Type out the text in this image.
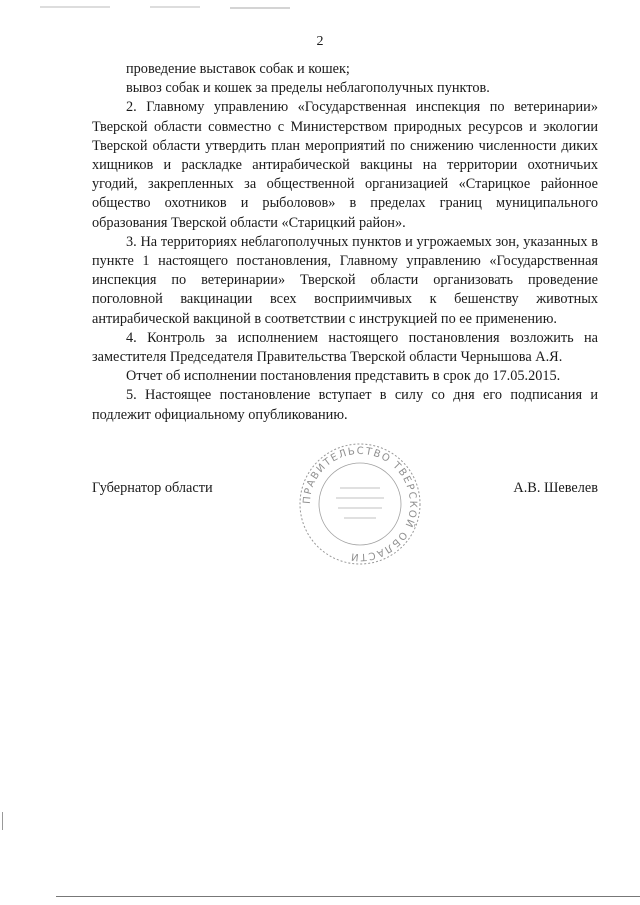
2

проведение выставок собак и кошек;

вывоз собак и кошек за пределы неблагополучных пунктов.

2. Главному управлению «Государственная инспекция по ветеринарии» Тверской области совместно с Министерством природных ресурсов и экологии Тверской области утвердить план мероприятий по снижению численности диких хищников и раскладке антирабической вакцины на территории охотничьих угодий, закрепленных за общественной организацией «Старицкое районное общество охотников и рыболовов» в пределах границ муниципального образования Тверской области «Старицкий район».

3. На территориях неблагополучных пунктов и угрожаемых зон, указанных в пункте 1 настоящего постановления, Главному управлению «Государственная инспекция по ветеринарии» Тверской области организовать проведение поголовной вакцинации всех восприимчивых к бешенству животных антирабической вакциной в соответствии с инструкцией по ее применению.

4. Контроль за исполнением настоящего постановления возложить на заместителя Председателя Правительства Тверской области Чернышова А.Я.

Отчет об исполнении постановления представить в срок до 17.05.2015.

5. Настоящее постановление вступает в силу со дня его подписания и подлежит официальному опубликованию.

Губернатор области	А.В. Шевелев
ПРАВИТЕЛЬСТВО ТВЕРСКОЙ ОБЛАСТИ
